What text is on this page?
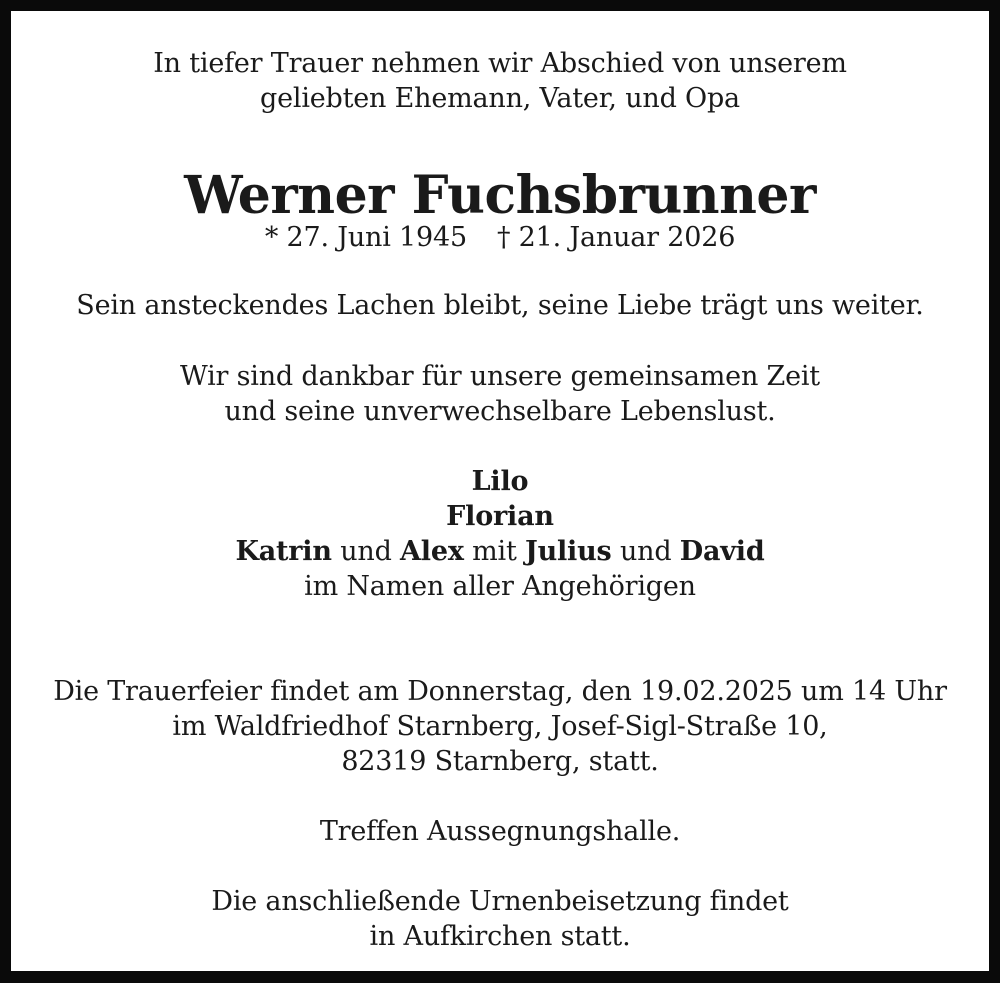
In tiefer Trauer nehmen wir Abschied von unserem
geliebten Ehemann, Vater, und Opa
Werner Fuchsbrunner
* 27. Juni 1945 † 21. Januar 2026
Sein ansteckendes Lachen bleibt, seine Liebe trägt uns weiter.
Wir sind dankbar für unsere gemeinsamen Zeit
und seine unverwechselbare Lebenslust.
Lilo
Florian
Katrin und Alex mit Julius und David
im Namen aller Angehörigen
Die Trauerfeier findet am Donnerstag, den 19.02.2025 um 14 Uhr
im Waldfriedhof Starnberg, Josef-Sigl-Straße 10,
82319 Starnberg, statt.
Treffen Aussegnungshalle.
Die anschließende Urnenbeisetzung findet
in Aufkirchen statt.
